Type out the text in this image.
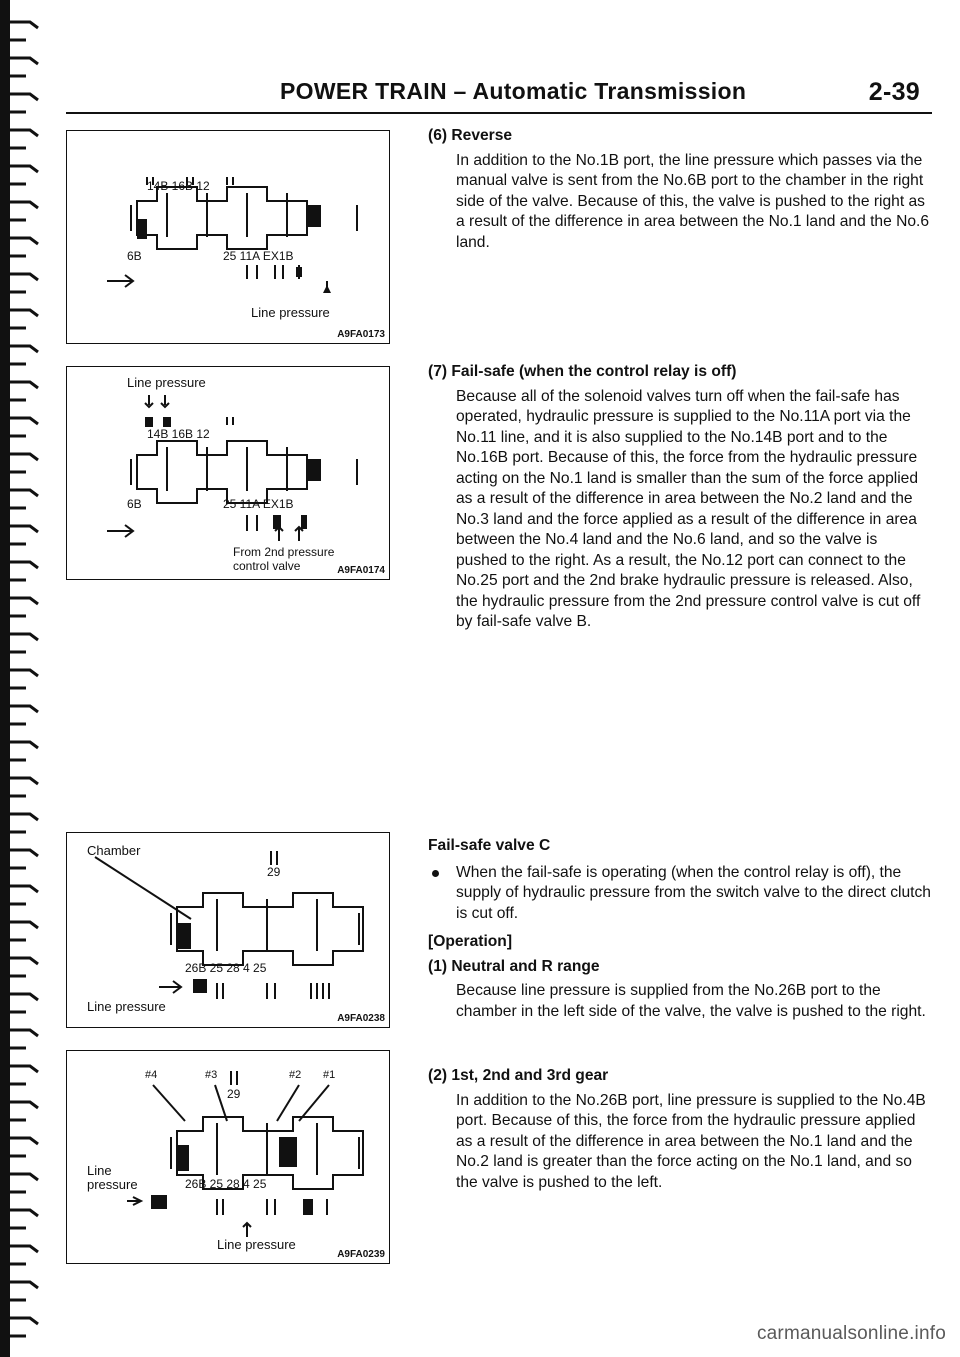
POWER TRAIN – Automatic Transmission	2-39
14B 16B 12
6B	25 11A EX1B
Line pressure
A9FA0173
Line pressure
14B 16B 12
6B	25 11A EX1B
From 2nd pressure
control valve	A9FA0174
Chamber
29
26B 25 28 4 25
Line pressure
A9FA0238
#4	#3	#2 #1
29
Line
pressure	26B 25 28 4 25
Line pressure
A9FA0239

(6) Reverse

In addition to the No.1B port, the line pressure which passes via the manual valve is sent from the No.6B port to the chamber in the right side of the valve. Because of this, the valve is pushed to the right as a result of the difference in area between the No.1 land and the No.6 land.

(7) Fail-safe (when the control relay is off)

Because all of the solenoid valves turn off when the fail-safe has operated, hydraulic pressure is supplied to the No.11A port via the No.11 line, and it is also supplied to the No.14B port and to the No.16B port. Because of this, the force from the hydraulic pressure acting on the No.1 land is smaller than the sum of the force applied as a result of the difference in area between the No.2 land and the No.3 land and the force applied as a result of the difference in area between the No.4 land and the No.6 land, and so the valve is pushed to the right. As a result, the No.12 port can connect to the No.25 port and the 2nd brake hydraulic pressure is released. Also, the hydraulic pressure from the 2nd pressure control valve is cut off by fail-safe valve B.

Fail-safe valve C

When the fail-safe is operating (when the control relay is off), the supply of hydraulic pressure from the switch valve to the direct clutch is cut off.

[Operation]

(1) Neutral and R range

Because line pressure is supplied from the No.26B port to the chamber in the left side of the valve, the valve is pushed to the right.

(2) 1st, 2nd and 3rd gear

In addition to the No.26B port, line pressure is supplied to the No.4B port. Because of this, the force from the hydraulic pressure applied as a result of the difference in area between the No.1 land and the No.2 land is greater than the force acting on the No.1 land, and so the valve is pushed to the left.

carmanualsonline.info
